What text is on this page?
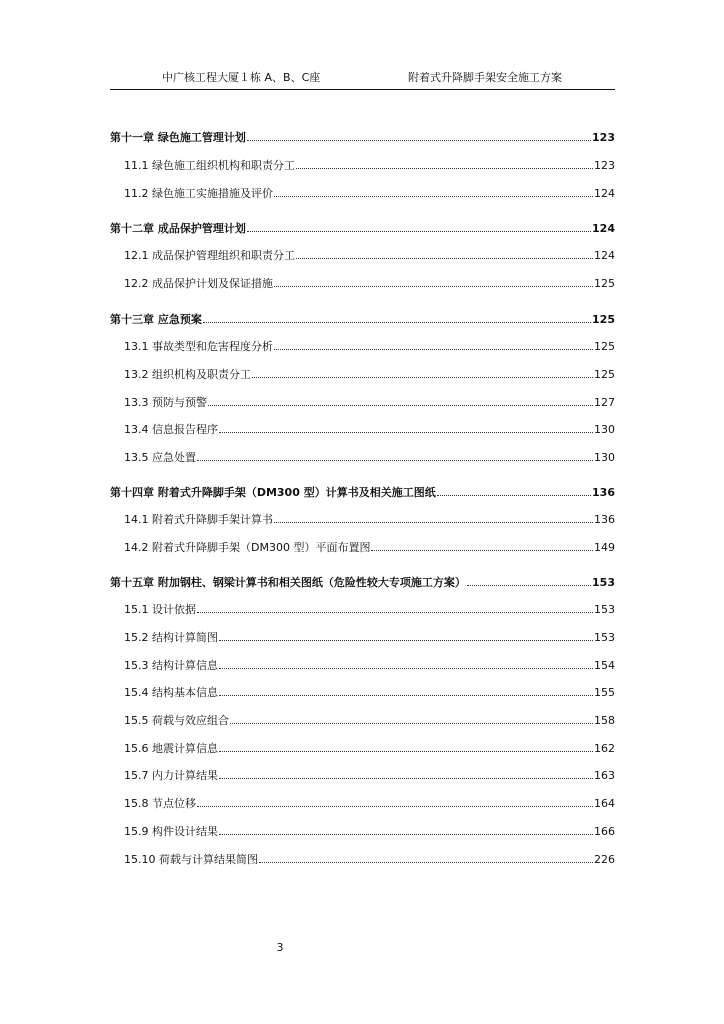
中广核工程大厦１栋 A、B、C座	附着式升降脚手架安全施工方案
第十一章 绿色施工管理计划	123
11.1 绿色施工组织机构和职责分工	123
11.2 绿色施工实施措施及评价	124
第十二章 成品保护管理计划	124
12.1 成品保护管理组织和职责分工	124
12.2 成品保护计划及保证措施	125
第十三章 应急预案	125
13.1 事故类型和危害程度分析	125
13.2 组织机构及职责分工	125
13.3 预防与预警	127
13.4 信息报告程序	130
13.5 应急处置	130
第十四章 附着式升降脚手架（DM300 型）计算书及相关施工图纸	136
14.1 附着式升降脚手架计算书	136
14.2 附着式升降脚手架（DM300 型）平面布置图	149
第十五章 附加钢柱、钢梁计算书和相关图纸（危险性较大专项施工方案）	153
15.1 设计依据	153
15.2 结构计算简图	153
15.3 结构计算信息	154
15.4 结构基本信息	155
15.5 荷载与效应组合	158
15.6 地震计算信息	162
15.7 内力计算结果	163
15.8 节点位移	164
15.9 构件设计结果	166
15.10 荷载与计算结果简图	226
3
